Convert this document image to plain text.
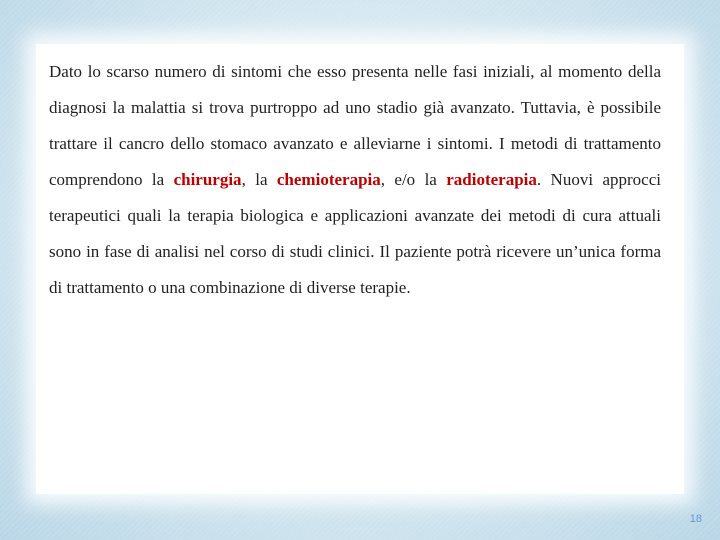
Dato lo scarso numero di sintomi che esso presenta nelle fasi iniziali, al momento della diagnosi la malattia si trova purtroppo ad uno stadio già avanzato. Tuttavia, è possibile trattare il cancro dello stomaco avanzato e alleviarne i sintomi. I metodi di trattamento comprendono la chirurgia, la chemioterapia, e/o la radioterapia. Nuovi approcci terapeutici quali la terapia biologica e applicazioni avanzate dei metodi di cura attuali sono in fase di analisi nel corso di studi clinici. Il paziente potrà ricevere un’unica forma di trattamento o una combinazione di diverse terapie.

18
